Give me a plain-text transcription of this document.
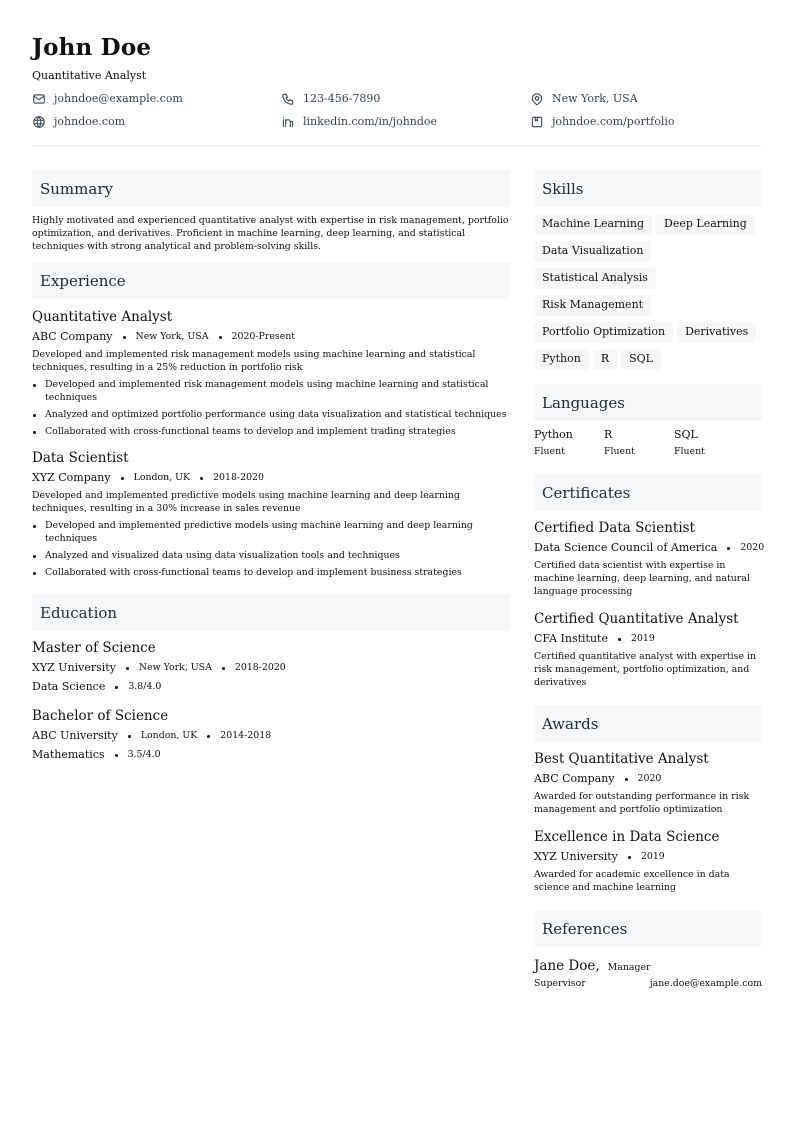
John Doe
Quantitative Analyst
johndoe@example.com	123-456-7890	New York, USA
johndoe.com	linkedin.com/in/johndoe	johndoe.com/portfolio
Summary

Highly motivated and experienced quantitative analyst with expertise in risk management, portfolio optimization, and derivatives. Proficient in machine learning, deep learning, and statistical techniques with strong analytical and problem-solving skills.

Experience
Quantitative Analyst
ABC Company New York, USA 2020-Present

Developed and implemented risk management models using machine learning and statistical techniques, resulting in a 25% reduction in portfolio risk

Developed and implemented risk management models using machine learning and statistical techniques
Analyzed and optimized portfolio performance using data visualization and statistical techniques
Collaborated with cross-functional teams to develop and implement trading strategies
Data Scientist
XYZ Company London, UK 2018-2020

Developed and implemented predictive models using machine learning and deep learning techniques, resulting in a 30% increase in sales revenue

Developed and implemented predictive models using machine learning and deep learning techniques
Analyzed and visualized data using data visualization tools and techniques
Collaborated with cross-functional teams to develop and implement business strategies
Education
Master of Science
XYZ University New York, USA 2018-2020
Data Science 3.8/4.0
Bachelor of Science
ABC University London, UK 2014-2018
Mathematics 3.5/4.0
Skills
Machine Learning	Deep Learning
Data Visualization
Statistical Analysis
Risk Management
Portfolio Optimization	Derivatives
Python	R	SQL
Languages
Python
Fluent
R
Fluent
SQL
Fluent
Certificates
Certified Data Scientist
Data Science Council of America 2020

Certified data scientist with expertise in machine learning, deep learning, and natural language processing

Certified Quantitative Analyst
CFA Institute 2019

Certified quantitative analyst with expertise in risk management, portfolio optimization, and derivatives

Awards
Best Quantitative Analyst
ABC Company 2020

Awarded for outstanding performance in risk management and portfolio optimization

Excellence in Data Science
XYZ University 2019

Awarded for academic excellence in data science and machine learning

References
Jane Doe, Manager
Supervisor	jane.doe@example.com
